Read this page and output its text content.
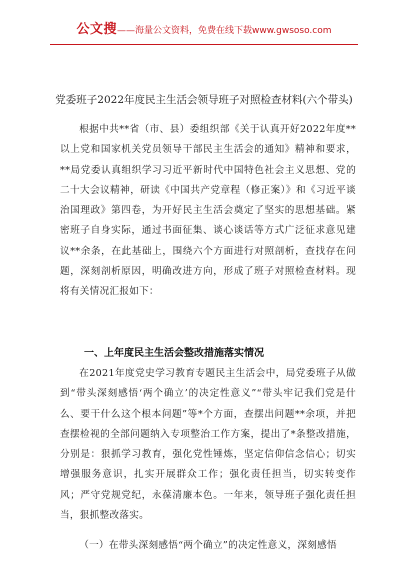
公文搜——海量公文资料，免费在线下载www.gwsoso.com
党委班子2022年度民主生活会领导班子对照检查材料(六个带头)
根据中共**省（市、县）委组织部《关于认真开好2022年度**以上党和国家机关党员领导干部民主生活会的通知》精神和要求，**局党委认真组织学习习近平新时代中国特色社会主义思想、党的二十大会议精神，研读《中国共产党章程（修正案）》和《习近平谈治国理政》第四卷，为开好民主生活会奠定了坚实的思想基础。紧密班子自身实际，通过书面征集、谈心谈话等方式广泛征求意见建议**余条，在此基础上，围绕六个方面进行对照剖析，查找存在问题，深刻剖析原因，明确改进方向，形成了班子对照检查材料。现将有关情况汇报如下：
一、上年度民主生活会整改措施落实情况
在2021年度党史学习教育专题民主生活会中，局党委班子从做到“带头深刻感悟‘两个确立’的决定性意义”“带头牢记我们党是什么、要干什么这个根本问题”等*个方面，查摆出问题**余项，并把查摆检视的全部问题纳入专项整治工作方案，提出了*条整改措施，分别是：狠抓学习教育，强化党性锤炼，坚定信仰信念信心；切实增强服务意识，扎实开展群众工作；强化责任担当，切实转变作风；严守党规党纪，永葆清廉本色。一年来，领导班子强化责任担当，狠抓整改落实。
（一）在带头深刻感悟“两个确立”的决定性意义，深刻感悟
